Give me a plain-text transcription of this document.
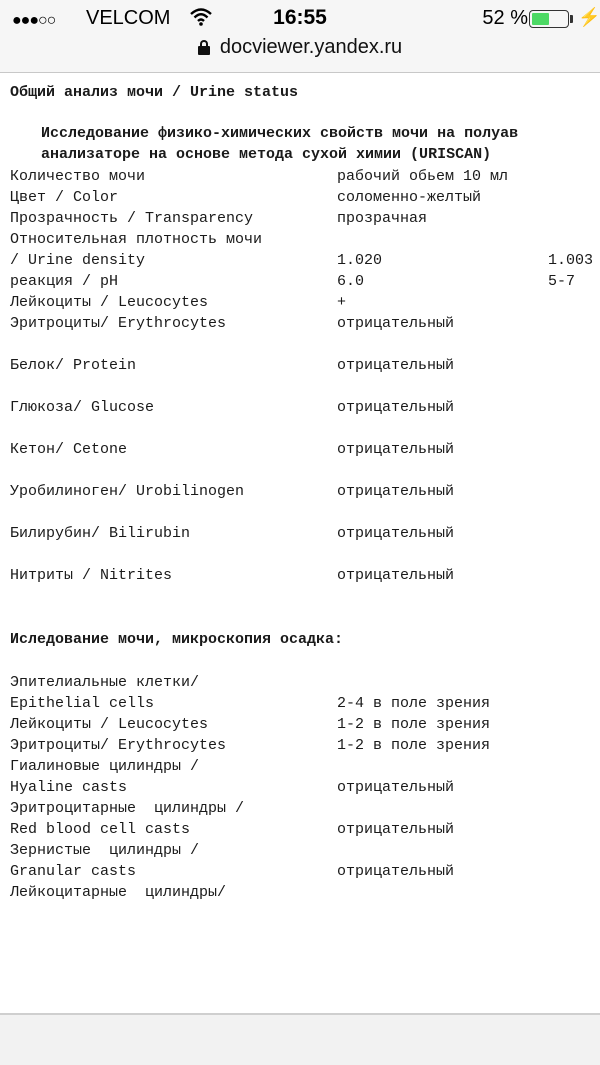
●●●○○ VELCOM	16:55	52 %	⚡
docviewer.yandex.ru
Общий анализ мочи / Urine status
Исследование физико-химических свойств мочи на полуав
анализаторе на основе метода сухой химии (URISCAN)
Количество мочи	рабочий обьем 10 мл
Цвет / Color	соломенно-желтый
Прозрачность / Transparency	прозрачная
Относительная плотность мочи
/ Urine density	1.020	1.003
реакция / pH	6.0	5-7
Лейкоциты / Leucocytes	+
Эритроциты/ Erythrocytes	отрицательный
Белок/ Protein	отрицательный
Глюкоза/ Glucose	отрицательный
Кетон/ Cetone	отрицательный
Уробилиноген/ Urobilinogen	отрицательный
Билирубин/ Bilirubin	отрицательный
Нитриты / Nitrites	отрицательный
Иследование мочи, микроскопия осадка:
Эпителиальные клетки/
Epithelial cells	2-4 в поле зрения
Лейкоциты / Leucocytes	1-2 в поле зрения
Эритроциты/ Erythrocytes	1-2 в поле зрения
Гиалиновые цилиндры /
Hyaline casts	отрицательный
Эритроцитарные  цилиндры /
Red blood cell casts	отрицательный
Зернистые  цилиндры /
Granular casts	отрицательный
Лейкоцитарные  цилиндры/
